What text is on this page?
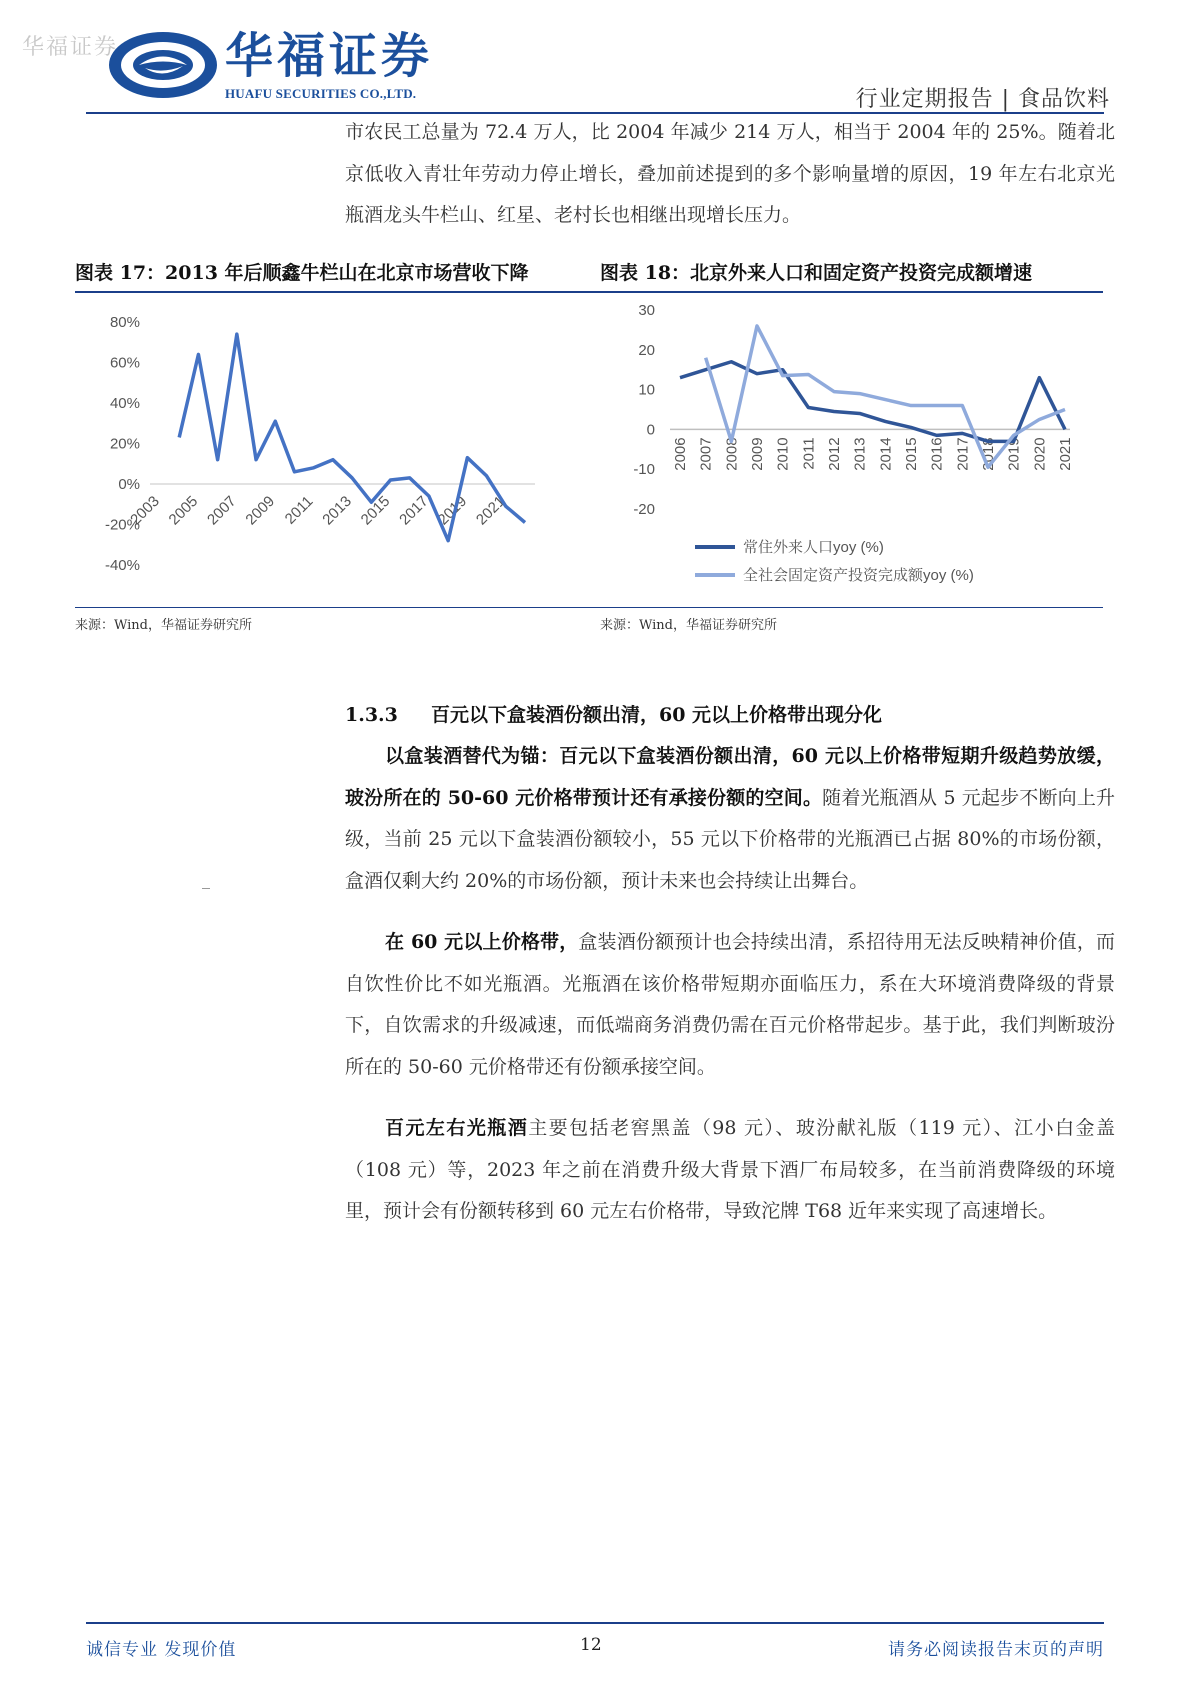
华福证券 华福证券
HUAFU SECURITIES CO.,LTD.	行业定期报告 | 食品饮料
市农民工总量为 72.4 万人，比 2004 年减少 214 万人，相当于 2004 年的 25%。随着北京低收入青壮年劳动力停止增长，叠加前述提到的多个影响量增的原因，19 年左右北京光瓶酒龙头牛栏山、红星、老村长也相继出现增长压力。
图表 17：2013 年后顺鑫牛栏山在北京市场营收下降
80%
60%
40%
20%
0%
-20%
-40%
2003 2005 2007 2009 2011 2013 2015 2017 2019 2021
来源：Wind，华福证券研究所
图表 18：北京外来人口和固定资产投资完成额增速
30
20
10
0
-10
-20
2006 2007 2008 2009 2010 2011 2012 2013 2014 2015 2016 2017 2018 2019 2020 2021
常住外来人口yoy (%)
全社会固定资产投资完成额yoy (%)
来源：Wind，华福证券研究所
1.3.3 百元以下盒装酒份额出清，60 元以上价格带出现分化
以盒装酒替代为锚：百元以下盒装酒份额出清，60 元以上价格带短期升级趋势放缓，玻汾所在的 50-60 元价格带预计还有承接份额的空间。随着光瓶酒从 5 元起步不断向上升级，当前 25 元以下盒装酒份额较小，55 元以下价格带的光瓶酒已占据 80%的市场份额，盒酒仅剩大约 20%的市场份额，预计未来也会持续让出舞台。
在 60 元以上价格带，盒装酒份额预计也会持续出清，系招待用无法反映精神价值，而自饮性价比不如光瓶酒。光瓶酒在该价格带短期亦面临压力，系在大环境消费降级的背景下，自饮需求的升级减速，而低端商务消费仍需在百元价格带起步。基于此，我们判断玻汾所在的 50-60 元价格带还有份额承接空间。
百元左右光瓶酒主要包括老窖黑盖（98 元）、玻汾献礼版（119 元）、江小白金盖（108 元）等，2023 年之前在消费升级大背景下酒厂布局较多，在当前消费降级的环境里，预计会有份额转移到 60 元左右价格带，导致沱牌 T68 近年来实现了高速增长。
诚信专业 发现价值	12	请务必阅读报告末页的声明
